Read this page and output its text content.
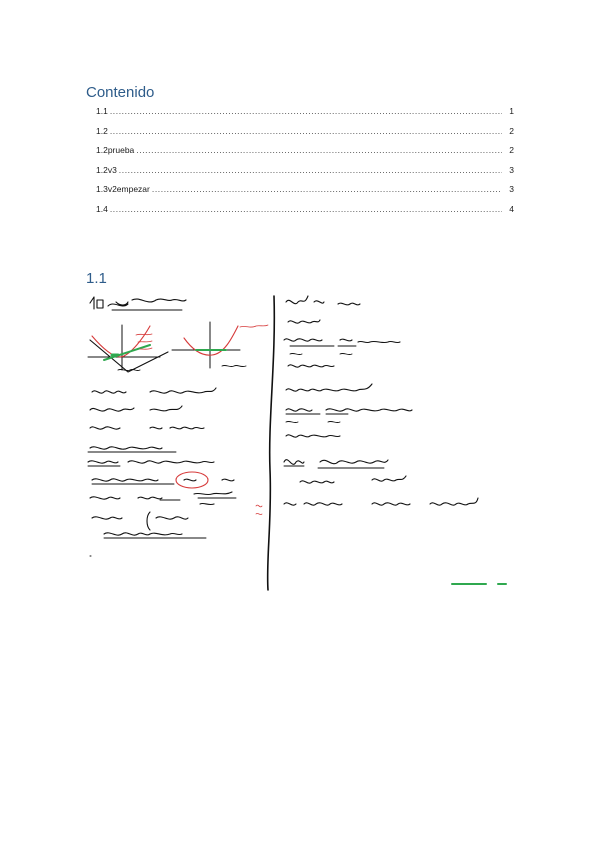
Contenido
1.1 .....	1
1.2 .....	2
1.2prueba .....	2
1.2v3 .....	3
1.3v2empezar .....	3
1.4 .....	4
1.1
